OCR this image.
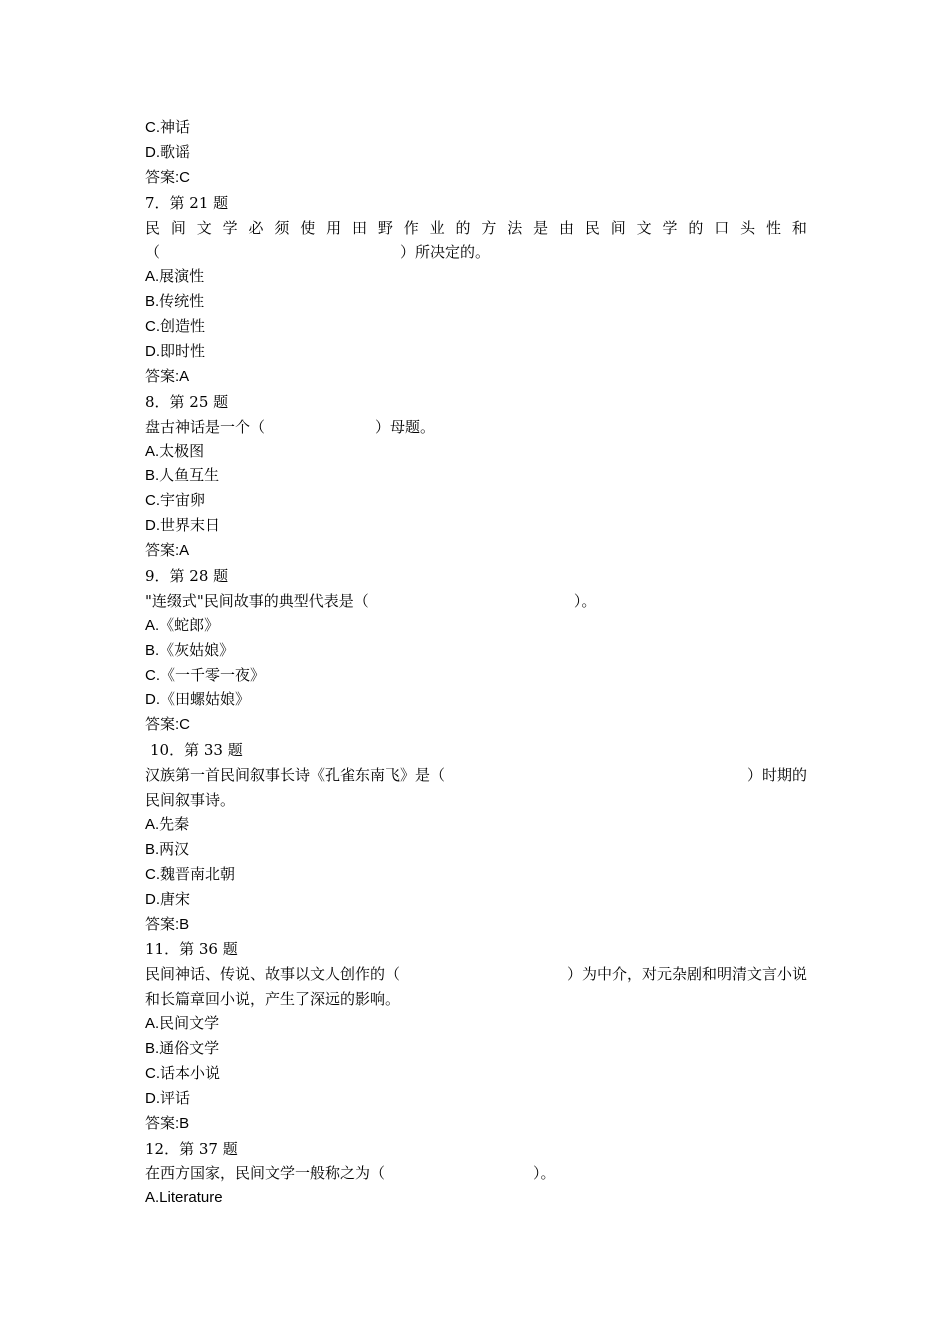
C.神话
D.歌谣
答案:C
7．第 21 题
民 间 文 学 必 须 使 用 田 野 作 业 的 方 法 是 由 民 间 文 学 的 口 头 性 和
（	）所决定的。
A.展演性
B.传统性
C.创造性
D.即时性
答案:A
8．第 25 题
盘古神话是一个（	）母题。
A.太极图
B.人鱼互生
C.宇宙卵
D.世界末日
答案:A
9．第 28 题
"连缀式"民间故事的典型代表是（	）。
A.《蛇郎》
B.《灰姑娘》
C.《一千零一夜》
D.《田螺姑娘》
答案:C
10．第 33 题
汉族第一首民间叙事长诗《孔雀东南飞》是（	）时期的
民间叙事诗。
A.先秦
B.两汉
C.魏晋南北朝
D.唐宋
答案:B
11．第 36 题
民间神话、传说、故事以文人创作的（	）为中介，对元杂剧和明清文言小说
和长篇章回小说，产生了深远的影响。
A.民间文学
B.通俗文学
C.话本小说
D.评话
答案:B
12．第 37 题
在西方国家，民间文学一般称之为（	）。
A.Literature
